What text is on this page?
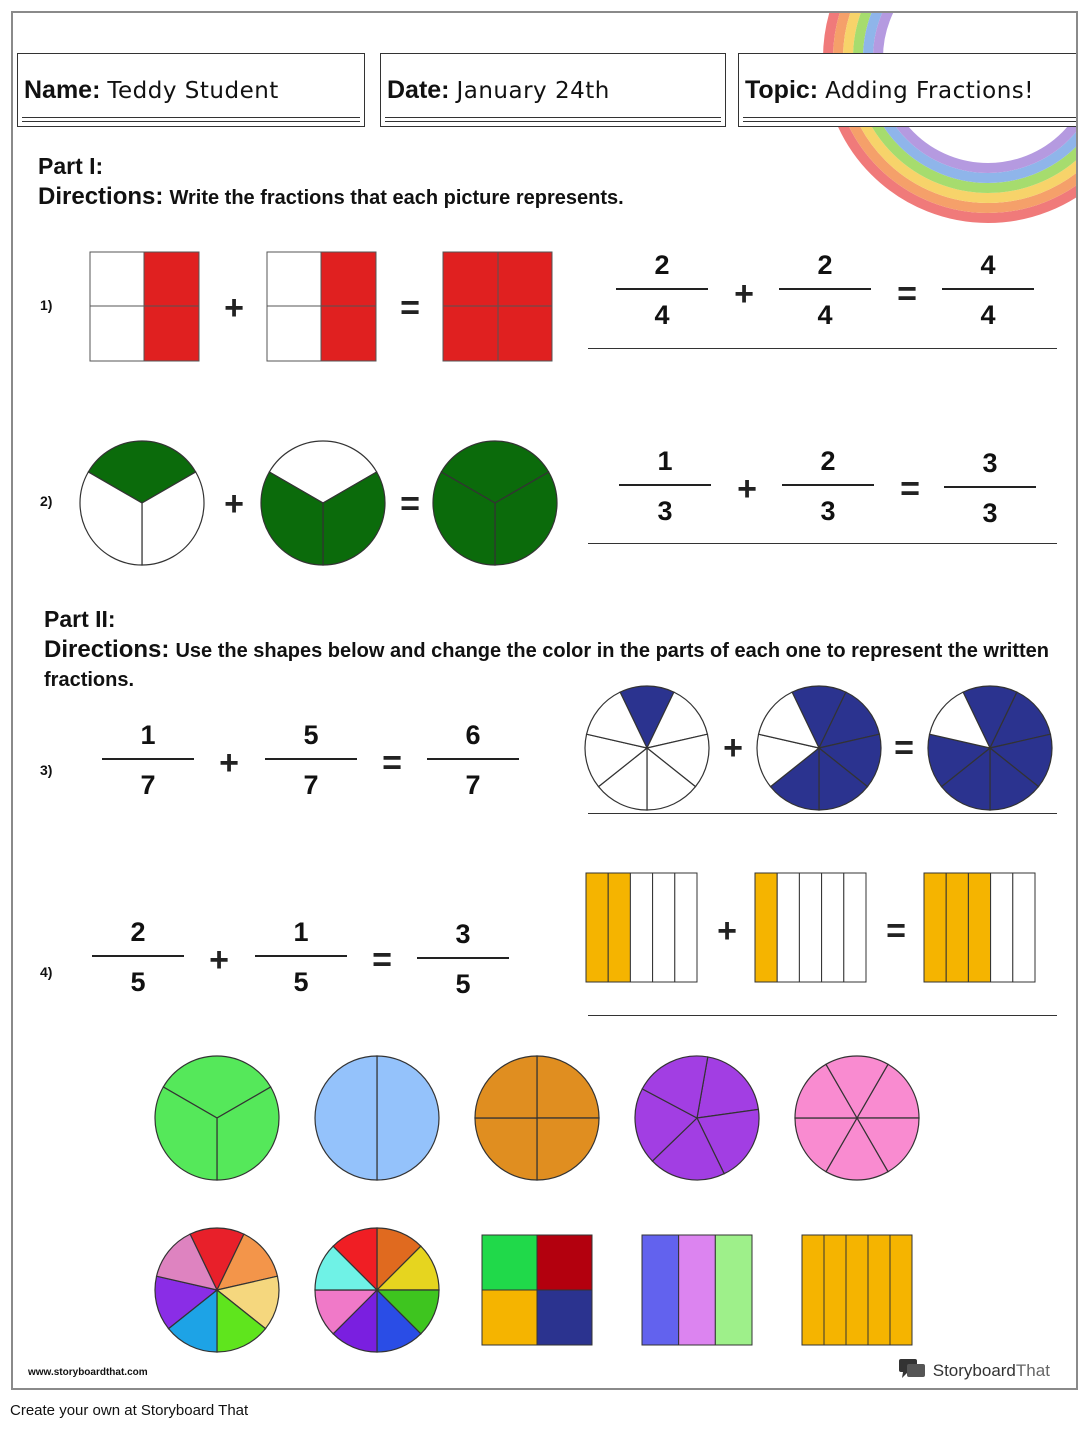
Name: Teddy Student	Date: January 24th	Topic: Adding Fractions!
Part I:
Directions: Write the fractions that each picture represents.
1)	+	=
2
4
+
2
4
=
4
4
2)	+	=
1
3
+
2
3
=
3
3
Part II:
Directions: Use the shapes below and change the color in the parts of each one to represent the written fractions.
3)
1
7
+
5
7
=
6
7
+	=
4)
2
5
+
1
5
=
3
5
+	=
www.storyboardthat.com	StoryboardThat
Create your own at Storyboard That
